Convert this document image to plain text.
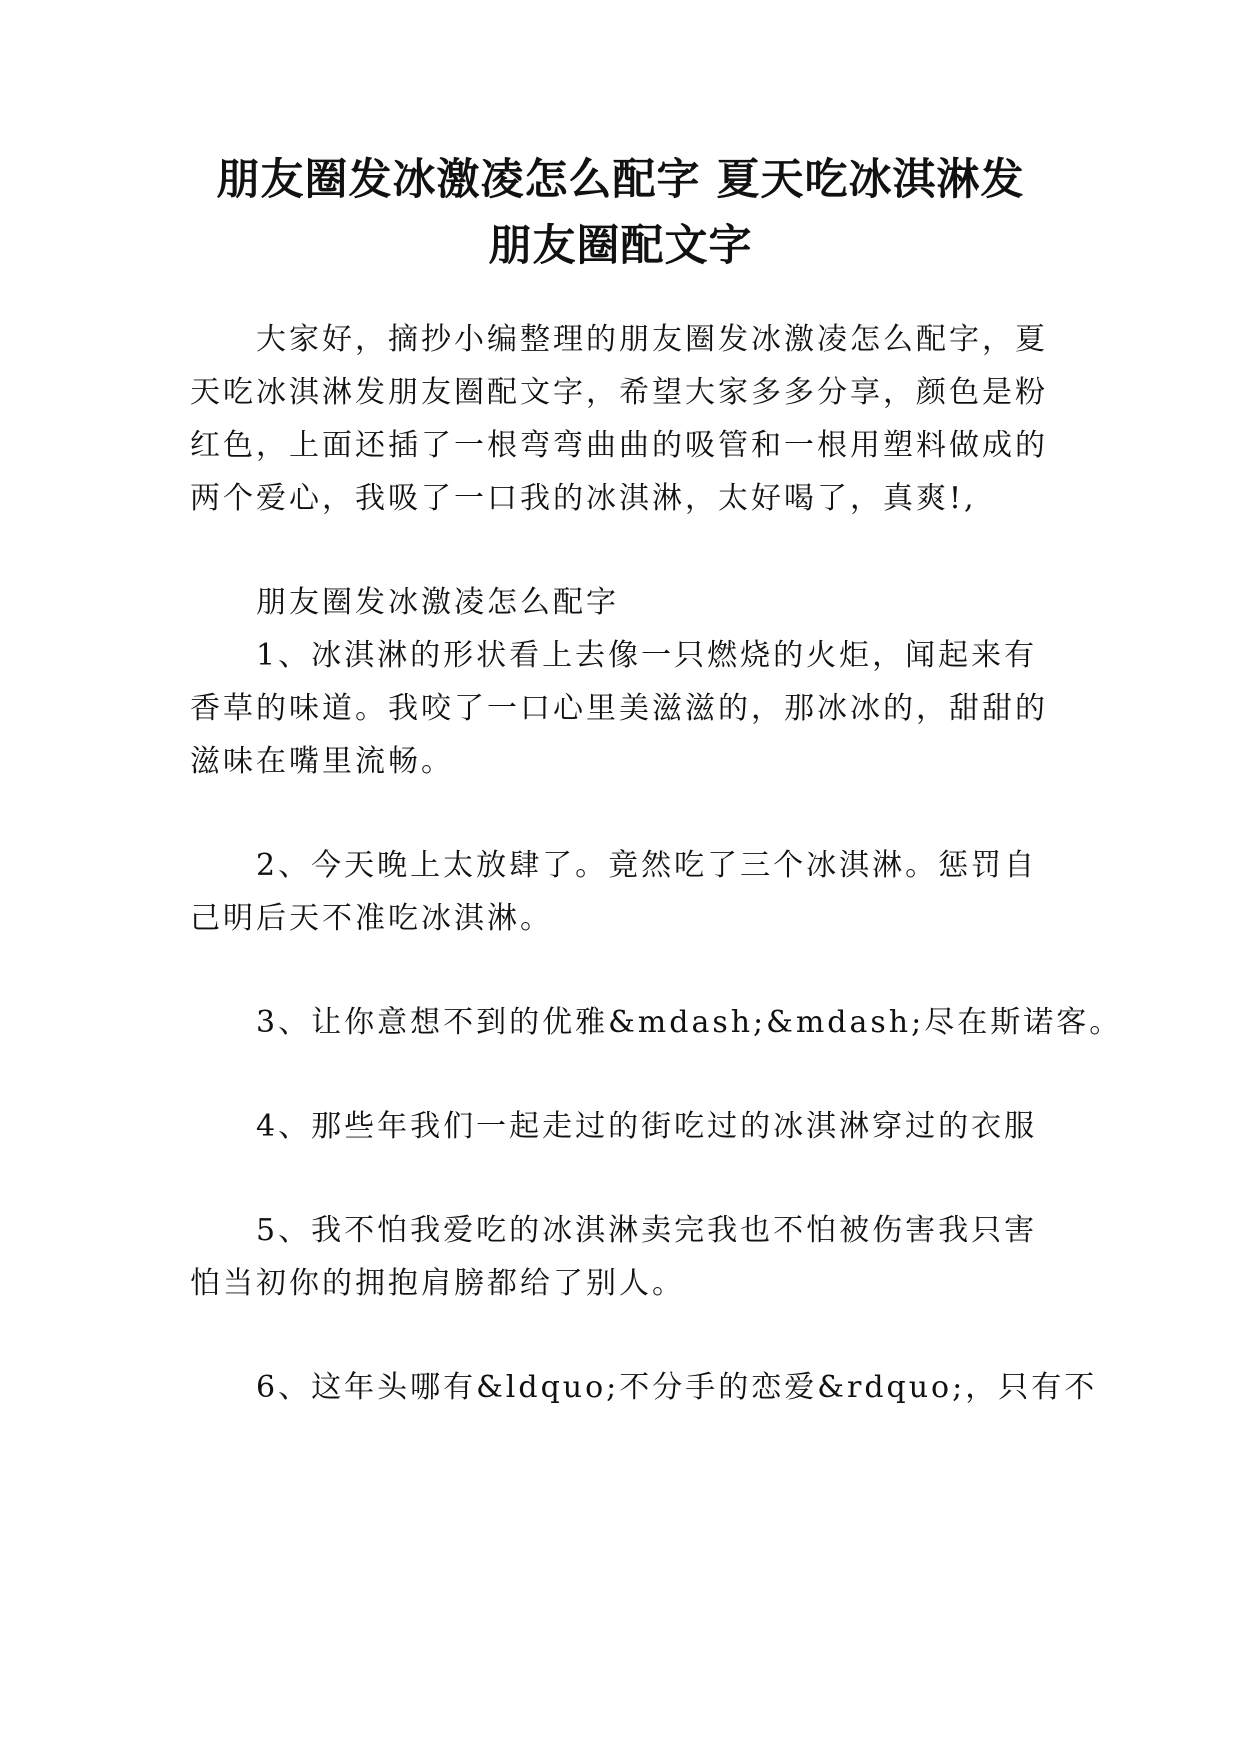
朋友圈发冰激凌怎么配字 夏天吃冰淇淋发
朋友圈配文字
大家好，摘抄小编整理的朋友圈发冰激凌怎么配字，夏
天吃冰淇淋发朋友圈配文字，希望大家多多分享，颜色是粉
红色，上面还插了一根弯弯曲曲的吸管和一根用塑料做成的
两个爱心，我吸了一口我的冰淇淋，太好喝了，真爽!,
朋友圈发冰激凌怎么配字
1、冰淇淋的形状看上去像一只燃烧的火炬，闻起来有
香草的味道。我咬了一口心里美滋滋的，那冰冰的，甜甜的
滋味在嘴里流畅。
2、今天晚上太放肆了。竟然吃了三个冰淇淋。惩罚自
己明后天不准吃冰淇淋。
3、让你意想不到的优雅&mdash;&mdash;尽在斯诺客。
4、那些年我们一起走过的街吃过的冰淇淋穿过的衣服
5、我不怕我爱吃的冰淇淋卖完我也不怕被伤害我只害
怕当初你的拥抱肩膀都给了别人。
6、这年头哪有&ldquo;不分手的恋爱&rdquo;，只有不
